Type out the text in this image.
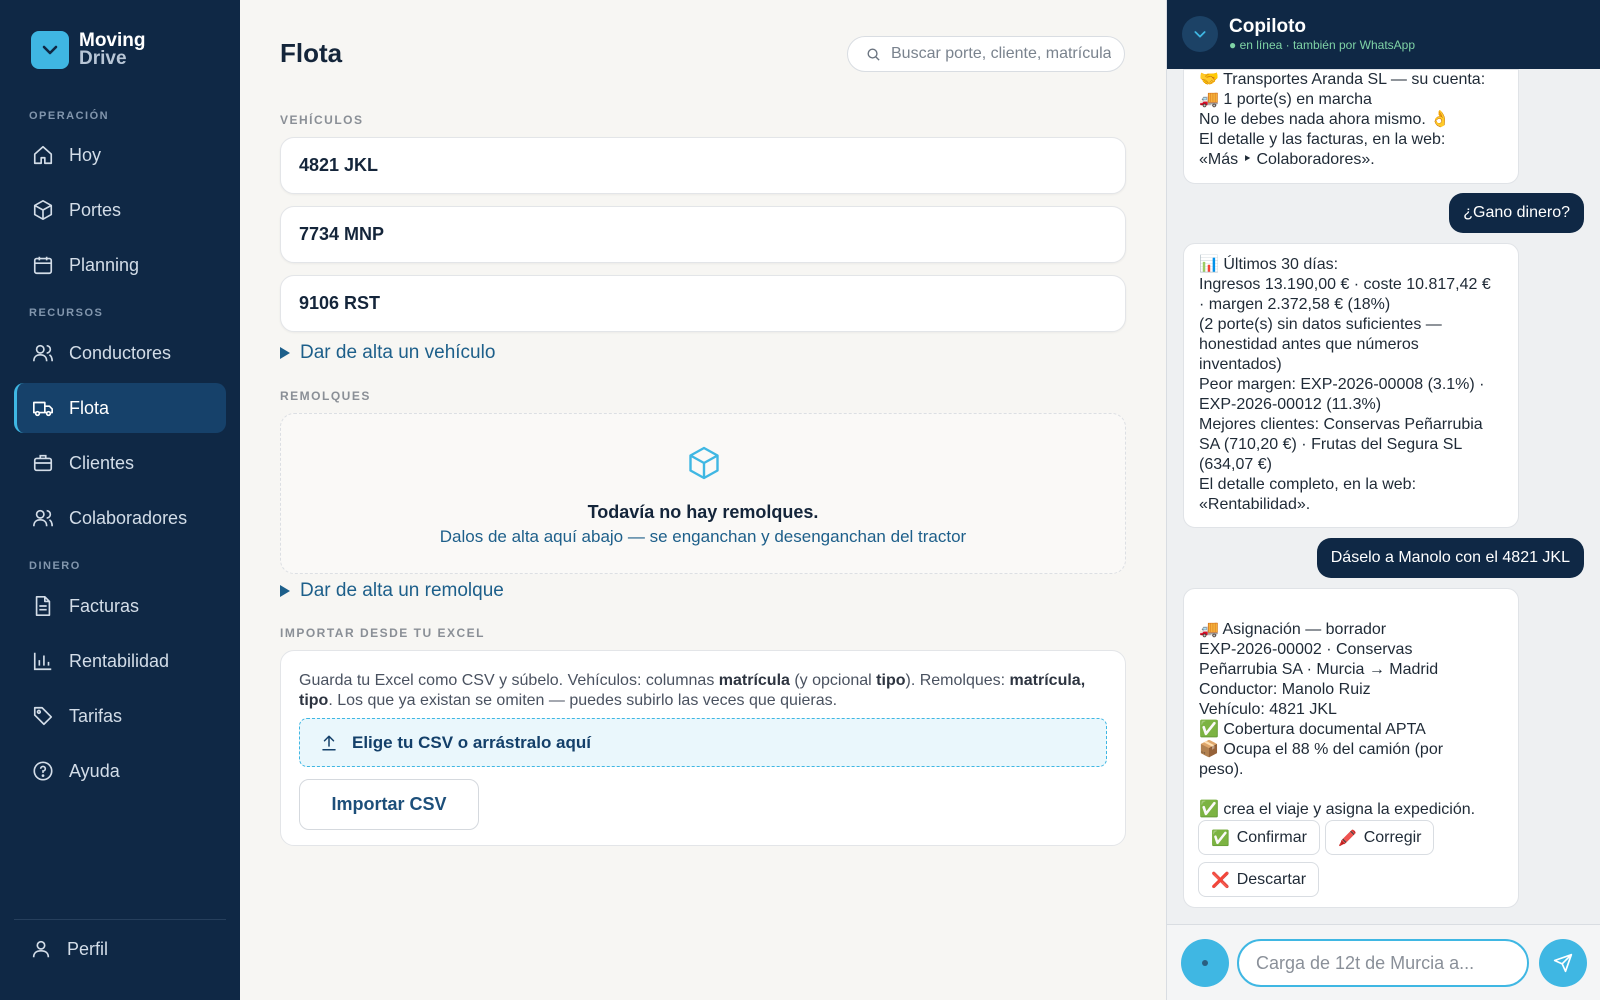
Moving
Drive
OPERACIÓN
Hoy
Portes
Planning
RECURSOS
Conductores
Flota
Clientes
Colaboradores
DINERO
Facturas
Rentabilidad
Tarifas
Ayuda
Perfil
Flota
Buscar porte, cliente, matrícula…
VEHÍCULOS
4821 JKL
7734 MNP
9106 RST
Dar de alta un vehículo
REMOLQUES
Todavía no hay remolques.
Dalos de alta aquí abajo — se enganchan y desenganchan del tractor
Dar de alta un remolque
IMPORTAR DESDE TU EXCEL

Guarda tu Excel como CSV y súbelo. Vehículos: columnas matrícula (y opcional tipo). Remolques: matrícula, tipo. Los que ya existan se omiten — puedes subirlo las veces que quieras.

Elige tu CSV o arrástralo aquí
Importar CSV
Copiloto
● en línea · también por WhatsApp
🤝 Transportes Aranda SL — su cuenta:
🚚 1 porte(s) en marcha
No le debes nada ahora mismo. 👌
El detalle y las facturas, en la web:
«Más ‣ Colaboradores».
¿Gano dinero?
📊 Últimos 30 días:
Ingresos 13.190,00 € · coste 10.817,42 €
· margen 2.372,58 € (18%)
(2 porte(s) sin datos suficientes —
honestidad antes que números
inventados)
Peor margen: EXP-2026-00008 (3.1%) ·
EXP-2026-00012 (11.3%)
Mejores clientes: Conservas Peñarrubia
SA (710,20 €) · Frutas del Segura SL
(634,07 €)
El detalle completo, en la web:
«Rentabilidad».
Dáselo a Manolo con el 4821 JKL

🚚 Asignación — borrador
EXP-2026-00002 · Conservas
Peñarrubia SA · Murcia → Madrid
Conductor: Manolo Ruiz
Vehículo: 4821 JKL
✅ Cobertura documental APTA
📦 Ocupa el 88 % del camión (por
peso).

✅ crea el viaje y asigna la expedición.

✅ Confirmar 🖍️ Corregir
❌ Descartar
Carga de 12t de Murcia a...
